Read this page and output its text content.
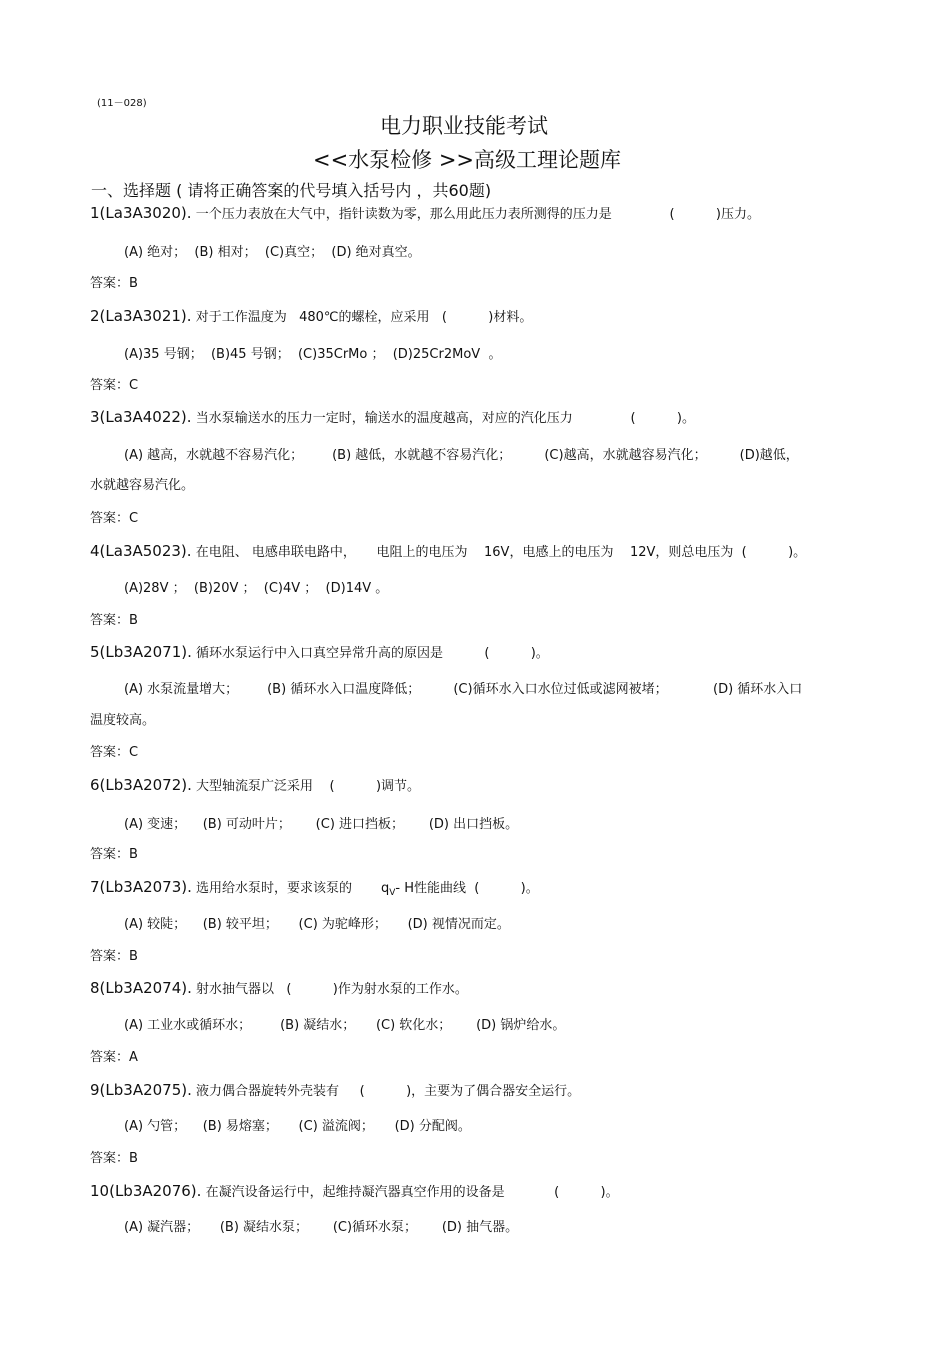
(11－028)
电力职业技能考试
<<水泵检修 >>高级工理论题库
一、选择题 ( 请将正确答案的代号填入括号内 ，共60题)
1(La3A3020). 一个压力表放在大气中，指针读数为零，那么用此压力表所测得的压力是              (          )压力。
(A) 绝对；  (B) 相对；  (C)真空；  (D) 绝对真空。
答案：B
2(La3A3021). 对于工作温度为   480℃的螺栓，应采用   (          )材料。
(A)35 号钢；  (B)45 号钢；  (C)35CrMo ；  (D)25Cr2MoV  。
答案：C
3(La3A4022). 当水泵输送水的压力一定时，输送水的温度越高，对应的汽化压力              (          )。
(A) 越高，水就越不容易汽化；       (B) 越低，水就越不容易汽化；        (C)越高，水就越容易汽化；        (D)越低，
水就越容易汽化。
答案：C
4(La3A5023). 在电阻、 电感串联电路中，     电阻上的电压为    16V，电感上的电压为    12V，则总电压为  (          )。
(A)28V ；  (B)20V ；  (C)4V ；  (D)14V 。
答案：B
5(Lb3A2071). 循环水泵运行中入口真空异常升高的原因是          (          )。
(A) 水泵流量增大；       (B) 循环水入口温度降低；        (C)循环水入口水位过低或滤网被堵；           (D) 循环水入口
温度较高。
答案：C
6(Lb3A2072). 大型轴流泵广泛采用    (          )调节。
(A) 变速；    (B) 可动叶片；      (C) 进口挡板；      (D) 出口挡板。
答案：B
7(Lb3A2073). 选用给水泵时，要求该泵的       $q_V-$ H性能曲线  (          )。
(A) 较陡；    (B) 较平坦；     (C) 为驼峰形；     (D) 视情况而定。
答案：B
8(Lb3A2074). 射水抽气器以   (          )作为射水泵的工作水。
(A) 工业水或循环水；       (B) 凝结水；     (C) 软化水；      (D) 锅炉给水。
答案：A
9(Lb3A2075). 液力偶合器旋转外壳装有     (          )，主要为了偶合器安全运行。
(A) 勺管；    (B) 易熔塞；     (C) 溢流阀；     (D) 分配阀。
答案：B
10(Lb3A2076). 在凝汽设备运行中，起维持凝汽器真空作用的设备是            (          )。
(A) 凝汽器；     (B) 凝结水泵；      (C)循环水泵；      (D) 抽气器。
